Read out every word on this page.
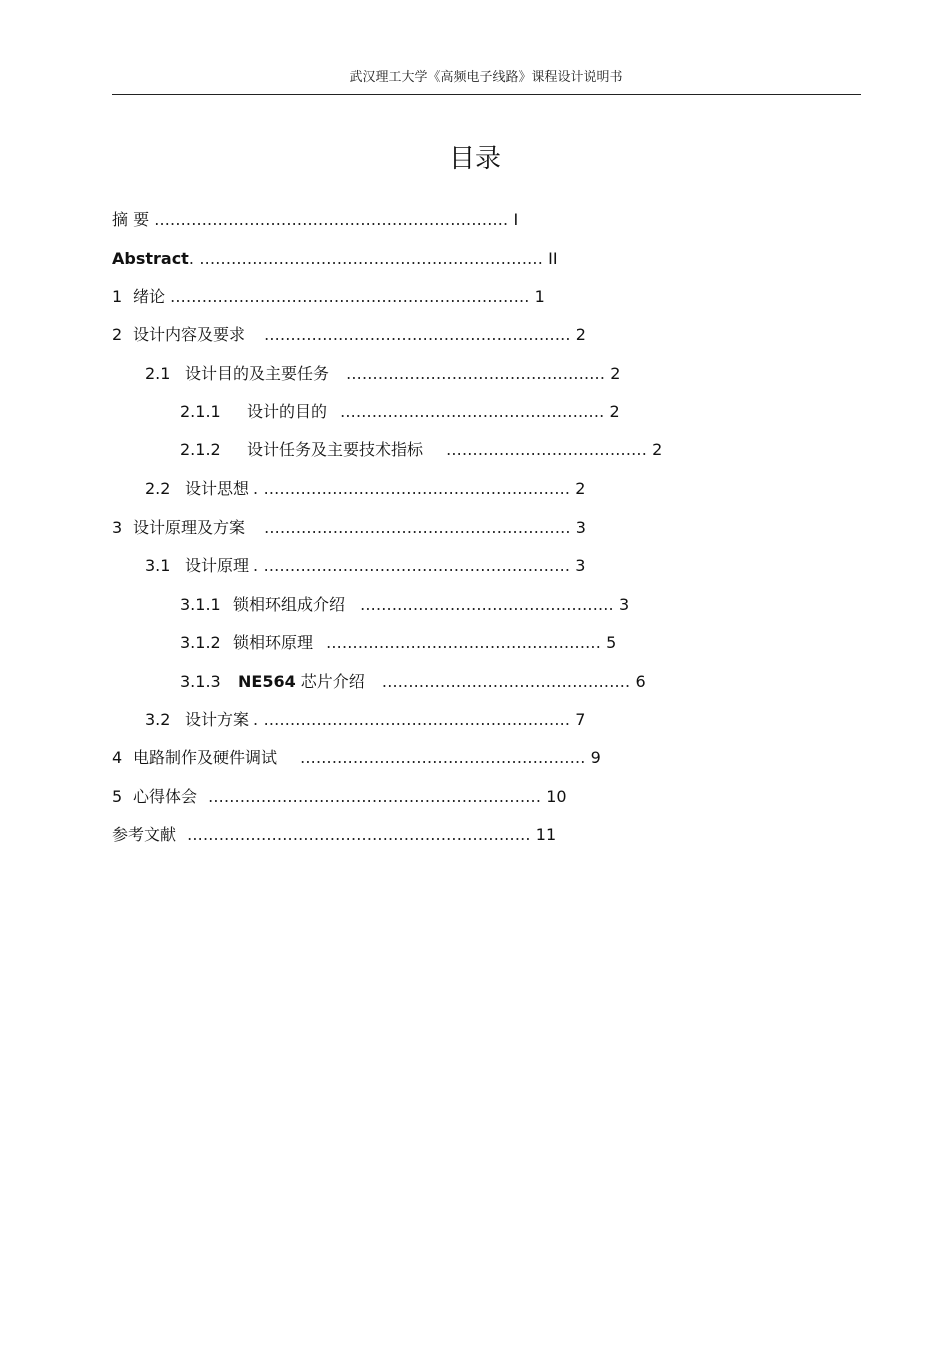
武汉理工大学《高频电子线路》课程设计说明书
目录
摘 要 ................................................................... I
Abstract. ................................................................. II
1 绪论 .................................................................... 1
2 设计内容及要求 .......................................................... 2
2.1 设计目的及主要任务 ................................................. 2
2.1.1 设计的目的 .................................................. 2
2.1.2 设计任务及主要技术指标 ...................................... 2
2.2 设计思想 . .......................................................... 2
3 设计原理及方案 .......................................................... 3
3.1 设计原理 . .......................................................... 3
3.1.1 锁相环组成介绍 ................................................ 3
3.1.2 锁相环原理 .................................................... 5
3.1.3 NE564 芯片介绍 ............................................... 6
3.2 设计方案 . .......................................................... 7
4 电路制作及硬件调试 ...................................................... 9
5 心得体会 ............................................................... 10
参考文献 ................................................................. 11
